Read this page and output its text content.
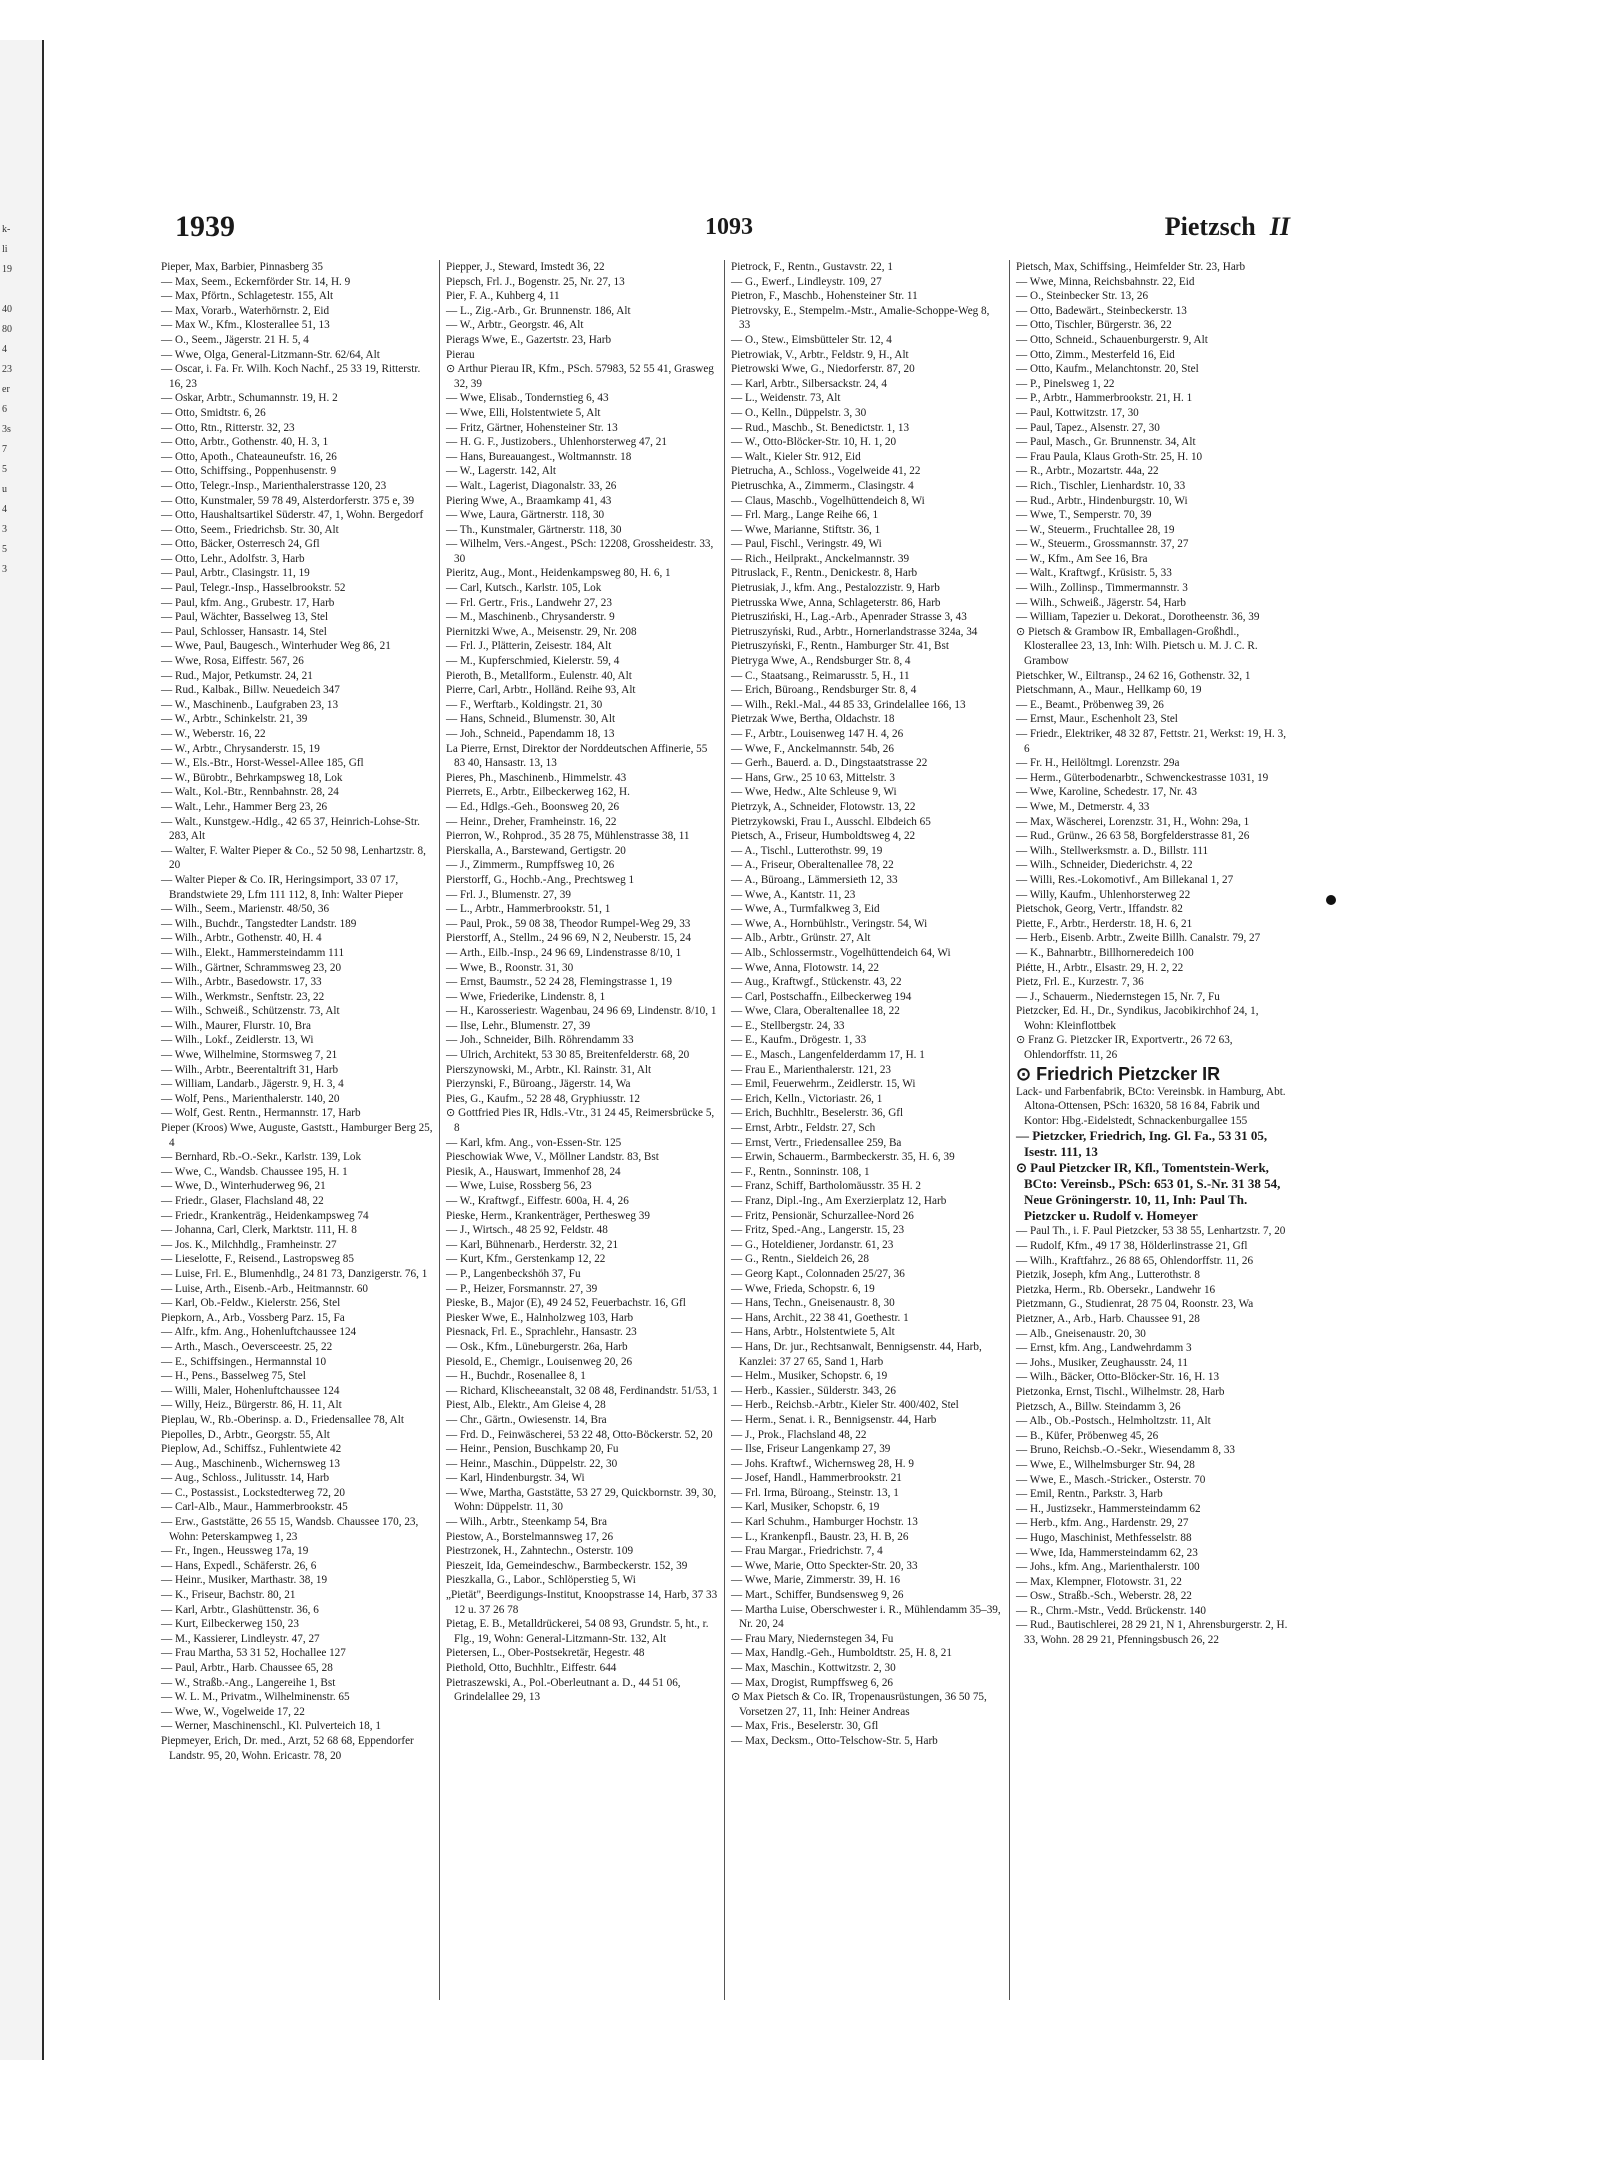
k-
li
19

40
80
4
23
er
6
3s
7
5
u
4
3
5
3
1939	1093	Pietzsch II

Pieper, Max, Barbier, Pinnasberg 35

— Max, Seem., Eckernförder Str. 14, H. 9

— Max, Pförtn., Schlagetestr. 155, Alt

— Max, Vorarb., Waterhörnstr. 2, Eid

— Max W., Kfm., Klosterallee 51, 13

— O., Seem., Jägerstr. 21 H. 5, 4

— Wwe, Olga, General-Litzmann-Str. 62/64, Alt

— Oscar, i. Fa. Fr. Wilh. Koch Nachf., 25 33 19, Ritterstr. 16, 23

— Oskar, Arbtr., Schumannstr. 19, H. 2

— Otto, Smidtstr. 6, 26

— Otto, Rtn., Ritterstr. 32, 23

— Otto, Arbtr., Gothenstr. 40, H. 3, 1

— Otto, Apoth., Chateauneufstr. 16, 26

— Otto, Schiffsing., Poppenhusenstr. 9

— Otto, Telegr.-Insp., Marienthalerstrasse 120, 23

— Otto, Kunstmaler, 59 78 49, Alsterdorferstr. 375 e, 39

— Otto, Haushaltsartikel Süderstr. 47, 1, Wohn. Bergedorf

— Otto, Seem., Friedrichsb. Str. 30, Alt

— Otto, Bäcker, Osterresch 24, Gfl

— Otto, Lehr., Adolfstr. 3, Harb

— Paul, Arbtr., Clasingstr. 11, 19

— Paul, Telegr.-Insp., Hasselbrookstr. 52

— Paul, kfm. Ang., Grubestr. 17, Harb

— Paul, Wächter, Basselweg 13, Stel

— Paul, Schlosser, Hansastr. 14, Stel

— Wwe, Paul, Baugesch., Winterhuder Weg 86, 21

— Wwe, Rosa, Eiffestr. 567, 26

— Rud., Major, Petkumstr. 24, 21

— Rud., Kalbak., Billw. Neuedeich 347

— W., Maschinenb., Laufgraben 23, 13

— W., Arbtr., Schinkelstr. 21, 39

— W., Weberstr. 16, 22

— W., Arbtr., Chrysanderstr. 15, 19

— W., Els.-Btr., Horst-Wessel-Allee 185, Gfl

— W., Bürobtr., Behrkampsweg 18, Lok

— Walt., Kol.-Btr., Rennbahnstr. 28, 24

— Walt., Lehr., Hammer Berg 23, 26

— Walt., Kunstgew.-Hdlg., 42 65 37, Heinrich-Lohse-Str. 283, Alt

— Walter, F. Walter Pieper & Co., 52 50 98, Lenhartzstr. 8, 20

— Walter Pieper & Co. IR, Heringsimport, 33 07 17, Brandstwiete 29, Lfm 111 112, 8, Inh: Walter Pieper

— Wilh., Seem., Marienstr. 48/50, 36

— Wilh., Buchdr., Tangstedter Landstr. 189

— Wilh., Arbtr., Gothenstr. 40, H. 4

— Wilh., Elekt., Hammersteindamm 111

— Wilh., Gärtner, Schrammsweg 23, 20

— Wilh., Arbtr., Basedowstr. 17, 33

— Wilh., Werkmstr., Senftstr. 23, 22

— Wilh., Schweiß., Schützenstr. 73, Alt

— Wilh., Maurer, Flurstr. 10, Bra

— Wilh., Lokf., Zeidlerstr. 13, Wi

— Wwe, Wilhelmine, Stormsweg 7, 21

— Wilh., Arbtr., Beerentaltrift 31, Harb

— William, Landarb., Jägerstr. 9, H. 3, 4

— Wolf, Pens., Marienthalerstr. 140, 20

— Wolf, Gest. Rentn., Hermannstr. 17, Harb

Pieper (Kroos) Wwe, Auguste, Gaststt., Hamburger Berg 25, 4

— Bernhard, Rb.-O.-Sekr., Karlstr. 139, Lok

— Wwe, C., Wandsb. Chaussee 195, H. 1

— Wwe, D., Winterhuderweg 96, 21

— Friedr., Glaser, Flachsland 48, 22

— Friedr., Krankenträg., Heidenkampsweg 74

— Johanna, Carl, Clerk, Marktstr. 111, H. 8

— Jos. K., Milchhdlg., Framheinstr. 27

— Lieselotte, F., Reisend., Lastropsweg 85

— Luise, Frl. E., Blumenhdlg., 24 81 73, Danzigerstr. 76, 1

— Luise, Arth., Eisenb.-Arb., Heitmannstr. 60

— Karl, Ob.-Feldw., Kielerstr. 256, Stel

Piepkorn, A., Arb., Vossberg Parz. 15, Fa

— Alfr., kfm. Ang., Hohenluftchaussee 124

— Arth., Masch., Oeversceestr. 25, 22

— E., Schiffsingen., Hermannstal 10

— H., Pens., Basselweg 75, Stel

— Willi, Maler, Hohenluftchaussee 124

— Willy, Heiz., Bürgerstr. 86, H. 11, Alt

Pieplau, W., Rb.-Oberinsp. a. D., Friedensallee 78, Alt

Piepolles, D., Arbtr., Georgstr. 55, Alt

Pieplow, Ad., Schiffsz., Fuhlentwiete 42

— Aug., Maschinenb., Wichernsweg 13

— Aug., Schloss., Julitusstr. 14, Harb

— C., Postassist., Lockstedterweg 72, 20

— Carl-Alb., Maur., Hammerbrookstr. 45

— Erw., Gaststätte, 26 55 15, Wandsb. Chaussee 170, 23, Wohn: Peterskampweg 1, 23

— Fr., Ingen., Heussweg 17a, 19

— Hans, Expedl., Schäferstr. 26, 6

— Heinr., Musiker, Marthastr. 38, 19

— K., Friseur, Bachstr. 80, 21

— Karl, Arbtr., Glashüttenstr. 36, 6

— Kurt, Eilbeckerweg 150, 23

— M., Kassierer, Lindleystr. 47, 27

— Frau Martha, 53 31 52, Hochallee 127

— Paul, Arbtr., Harb. Chaussee 65, 28

— W., Straßb.-Ang., Langereihe 1, Bst

— W. L. M., Privatm., Wilhelminenstr. 65

— Wwe, W., Vogelweide 17, 22

— Werner, Maschinenschl., Kl. Pulverteich 18, 1

Piepmeyer, Erich, Dr. med., Arzt, 52 68 68, Eppendorfer Landstr. 95, 20, Wohn. Ericastr. 78, 20

Piepper, J., Steward, Imstedt 36, 22

Piepsch, Frl. J., Bogenstr. 25, Nr. 27, 13

Pier, F. A., Kuhberg 4, 11

— L., Zig.-Arb., Gr. Brunnenstr. 186, Alt

— W., Arbtr., Georgstr. 46, Alt

Pierags Wwe, E., Gazertstr. 23, Harb

Pierau

⊙ Arthur Pierau IR, Kfm., PSch. 57983, 52 55 41, Grasweg 32, 39

— Wwe, Elisab., Tondernstieg 6, 43

— Wwe, Elli, Holstentwiete 5, Alt

— Fritz, Gärtner, Hohensteiner Str. 13

— H. G. F., Justizobers., Uhlenhorsterweg 47, 21

— Hans, Bureauangest., Woltmannstr. 18

— W., Lagerstr. 142, Alt

— Walt., Lagerist, Diagonalstr. 33, 26

Piering Wwe, A., Braamkamp 41, 43

— Wwe, Laura, Gärtnerstr. 118, 30

— Th., Kunstmaler, Gärtnerstr. 118, 30

— Wilhelm, Vers.-Angest., PSch: 12208, Grossheidestr. 33, 30

Pieritz, Aug., Mont., Heidenkampsweg 80, H. 6, 1

— Carl, Kutsch., Karlstr. 105, Lok

— Frl. Gertr., Fris., Landwehr 27, 23

— M., Maschinenb., Chrysanderstr. 9

Piernitzki Wwe, A., Meisenstr. 29, Nr. 208

— Frl. J., Plätterin, Zeisestr. 184, Alt

— M., Kupferschmied, Kielerstr. 59, 4

Pieroth, B., Metallform., Eulenstr. 40, Alt

Pierre, Carl, Arbtr., Holländ. Reihe 93, Alt

— F., Werftarb., Koldingstr. 21, 30

— Hans, Schneid., Blumenstr. 30, Alt

— Joh., Schneid., Papendamm 18, 13

La Pierre, Ernst, Direktor der Norddeutschen Affinerie, 55 83 40, Hansastr. 13, 13

Pieres, Ph., Maschinenb., Himmelstr. 43

Pierrets, E., Arbtr., Eilbeckerweg 162, H.

— Ed., Hdlgs.-Geh., Boonsweg 20, 26

— Heinr., Dreher, Framheinstr. 16, 22

Pierron, W., Rohprod., 35 28 75, Mühlenstrasse 38, 11

Pierskalla, A., Barstewand, Gertigstr. 20

— J., Zimmerm., Rumpffsweg 10, 26

Pierstorff, G., Hochb.-Ang., Prechtsweg 1

— Frl. J., Blumenstr. 27, 39

— L., Arbtr., Hammerbrookstr. 51, 1

— Paul, Prok., 59 08 38, Theodor Rumpel-Weg 29, 33

Pierstorff, A., Stellm., 24 96 69, N 2, Neuberstr. 15, 24

— Arth., Eilb.-Insp., 24 96 69, Lindenstrasse 8/10, 1

— Wwe, B., Roonstr. 31, 30

— Ernst, Baumstr., 52 24 28, Flemingstrasse 1, 19

— Wwe, Friederike, Lindenstr. 8, 1

— H., Karosseriestr. Wagenbau, 24 96 69, Lindenstr. 8/10, 1

— Ilse, Lehr., Blumenstr. 27, 39

— Joh., Schneider, Bilh. Röhrendamm 33

— Ulrich, Architekt, 53 30 85, Breitenfelderstr. 68, 20

Pierszynowski, M., Arbtr., Kl. Rainstr. 31, Alt

Pierzynski, F., Büroang., Jägerstr. 14, Wa

Pies, G., Kaufm., 52 28 48, Gryphiusstr. 12

⊙ Gottfried Pies IR, Hdls.-Vtr., 31 24 45, Reimersbrücke 5, 8

— Karl, kfm. Ang., von-Essen-Str. 125

Pieschowiak Wwe, V., Möllner Landstr. 83, Bst

Piesik, A., Hauswart, Immenhof 28, 24

— Wwe, Luise, Rossberg 56, 23

— W., Kraftwgf., Eiffestr. 600a, H. 4, 26

Pieske, Herm., Krankenträger, Perthesweg 39

— J., Wirtsch., 48 25 92, Feldstr. 48

— Karl, Bühnenarb., Herderstr. 32, 21

— Kurt, Kfm., Gerstenkamp 12, 22

— P., Langenbeckshöh 37, Fu

— P., Heizer, Forsmannstr. 27, 39

Pieske, B., Major (E), 49 24 52, Feuerbachstr. 16, Gfl

Piesker Wwe, E., Halnholzweg 103, Harb

Piesnack, Frl. E., Sprachlehr., Hansastr. 23

— Osk., Kfm., Lüneburgerstr. 26a, Harb

Piesold, E., Chemigr., Louisenweg 20, 26

— H., Buchdr., Rosenallee 8, 1

— Richard, Klischeeanstalt, 32 08 48, Ferdinandstr. 51/53, 1

Piest, Alb., Elektr., Am Gleise 4, 28

— Chr., Gärtn., Owiesenstr. 14, Bra

— Frd. D., Feinwäscherei, 53 22 48, Otto-Böckerstr. 52, 20

— Heinr., Pension, Buschkamp 20, Fu

— Heinr., Maschin., Düppelstr. 22, 30

— Karl, Hindenburgstr. 34, Wi

— Wwe, Martha, Gaststätte, 53 27 29, Quickbornstr. 39, 30, Wohn: Düppelstr. 11, 30

— Wilh., Arbtr., Steenkamp 54, Bra

Piestow, A., Borstelmannsweg 17, 26

Piestrzonek, H., Zahntechn., Osterstr. 109

Pieszeit, Ida, Gemeindeschw., Barmbeckerstr. 152, 39

Pieszkalla, G., Labor., Schlöperstieg 5, Wi

„Pietät", Beerdigungs-Institut, Knoopstrasse 14, Harb, 37 33 12 u. 37 26 78

Pietag, E. B., Metalldrückerei, 54 08 93, Grundstr. 5, ht., r. Flg., 19, Wohn: General-Litzmann-Str. 132, Alt

Pietersen, L., Ober-Postsekretär, Hegestr. 48

Piethold, Otto, Buchhltr., Eiffestr. 644

Pietraszewski, A., Pol.-Oberleutnant a. D., 44 51 06, Grindelallee 29, 13

Pietrock, F., Rentn., Gustavstr. 22, 1

— G., Ewerf., Lindleystr. 109, 27

Pietron, F., Maschb., Hohensteiner Str. 11

Pietrovsky, E., Stempelm.-Mstr., Amalie-Schoppe-Weg 8, 33

— O., Stew., Eimsbütteler Str. 12, 4

Pietrowiak, V., Arbtr., Feldstr. 9, H., Alt

Pietrowski Wwe, G., Niedorferstr. 87, 20

— Karl, Arbtr., Silbersackstr. 24, 4

— L., Weidenstr. 73, Alt

— O., Kelln., Düppelstr. 3, 30

— Rud., Maschb., St. Benedictstr. 1, 13

— W., Otto-Blöcker-Str. 10, H. 1, 20

— Walt., Kieler Str. 912, Eid

Pietrucha, A., Schloss., Vogelweide 41, 22

Pietruschka, A., Zimmerm., Clasingstr. 4

— Claus, Maschb., Vogelhüttendeich 8, Wi

— Frl. Marg., Lange Reihe 66, 1

— Wwe, Marianne, Stiftstr. 36, 1

— Paul, Fischl., Veringstr. 49, Wi

— Rich., Heilprakt., Anckelmannstr. 39

Pitruslack, F., Rentn., Denickestr. 8, Harb

Pietrusiak, J., kfm. Ang., Pestalozzistr. 9, Harb

Pietrusska Wwe, Anna, Schlageterstr. 86, Harb

Pietrusziński, H., Lag.-Arb., Apenrader Strasse 3, 43

Pietruszyński, Rud., Arbtr., Hornerlandstrasse 324a, 34

Pietruszyński, F., Rentn., Hamburger Str. 41, Bst

Pietryga Wwe, A., Rendsburger Str. 8, 4

— C., Staatsang., Reimarusstr. 5, H., 11

— Erich, Büroang., Rendsburger Str. 8, 4

— Wilh., Rekl.-Mal., 44 85 33, Grindelallee 166, 13

Pietrzak Wwe, Bertha, Oldachstr. 18

— F., Arbtr., Louisenweg 147 H. 4, 26

— Wwe, F., Anckelmannstr. 54b, 26

— Gerh., Bauerd. a. D., Dingstaatstrasse 22

— Hans, Grw., 25 10 63, Mittelstr. 3

— Wwe, Hedw., Alte Schleuse 9, Wi

Pietrzyk, A., Schneider, Flotowstr. 13, 22

Pietrzykowski, Frau I., Ausschl. Elbdeich 65

Pietsch, A., Friseur, Humboldtsweg 4, 22

— A., Tischl., Lutterothstr. 99, 19

— A., Friseur, Oberaltenallee 78, 22

— A., Büroang., Lämmersieth 12, 33

— Wwe, A., Kantstr. 11, 23

— Wwe, A., Turmfalkweg 3, Eid

— Wwe, A., Hornbühlstr., Veringstr. 54, Wi

— Alb., Arbtr., Grünstr. 27, Alt

— Alb., Schlossermstr., Vogelhüttendeich 64, Wi

— Wwe, Anna, Flotowstr. 14, 22

— Aug., Kraftwgf., Stückenstr. 43, 22

— Carl, Postschaffn., Eilbeckerweg 194

— Wwe, Clara, Oberaltenallee 18, 22

— E., Stellbergstr. 24, 33

— E., Kaufm., Drögestr. 1, 33

— E., Masch., Langenfelderdamm 17, H. 1

— Frau E., Marienthalerstr. 121, 23

— Emil, Feuerwehrm., Zeidlerstr. 15, Wi

— Erich, Kelln., Victoriastr. 26, 1

— Erich, Buchhltr., Beselerstr. 36, Gfl

— Ernst, Arbtr., Feldstr. 27, Sch

— Ernst, Vertr., Friedensallee 259, Ba

— Erwin, Schauerm., Barmbeckerstr. 35, H. 6, 39

— F., Rentn., Sonninstr. 108, 1

— Franz, Schiff, Bartholomäusstr. 35 H. 2

— Franz, Dipl.-Ing., Am Exerzierplatz 12, Harb

— Fritz, Pensionär, Schurzallee-Nord 26

— Fritz, Sped.-Ang., Langerstr. 15, 23

— G., Hoteldiener, Jordanstr. 61, 23

— G., Rentn., Sieldeich 26, 28

— Georg Kapt., Colonnaden 25/27, 36

— Wwe, Frieda, Schopstr. 6, 19

— Hans, Techn., Gneisenaustr. 8, 30

— Hans, Archit., 22 38 41, Goethestr. 1

— Hans, Arbtr., Holstentwiete 5, Alt

— Hans, Dr. jur., Rechtsanwalt, Bennigsenstr. 44, Harb, Kanzlei: 37 27 65, Sand 1, Harb

— Helm., Musiker, Schopstr. 6, 19

— Herb., Kassier., Sülderstr. 343, 26

— Herb., Reichsb.-Arbtr., Kieler Str. 400/402, Stel

— Herm., Senat. i. R., Bennigsenstr. 44, Harb

— J., Prok., Flachsland 48, 22

— Ilse, Friseur Langenkamp 27, 39

— Johs. Kraftwf., Wichernsweg 28, H. 9

— Josef, Handl., Hammerbrookstr. 21

— Frl. Irma, Büroang., Steinstr. 13, 1

— Karl, Musiker, Schopstr. 6, 19

— Karl Schuhm., Hamburger Hochstr. 13

— L., Krankenpfl., Baustr. 23, H. B, 26

— Frau Margar., Friedrichstr. 7, 4

— Wwe, Marie, Otto Speckter-Str. 20, 33

— Wwe, Marie, Zimmerstr. 39, H. 16

— Mart., Schiffer, Bundsensweg 9, 26

— Martha Luise, Oberschwester i. R., Mühlendamm 35–39, Nr. 20, 24

— Frau Mary, Niedernstegen 34, Fu

— Max, Handlg.-Geh., Humboldtstr. 25, H. 8, 21

— Max, Maschin., Kottwitzstr. 2, 30

— Max, Drogist, Rumpffsweg 6, 26

⊙ Max Pietsch & Co. IR, Tropenausrüstungen, 36 50 75, Vorsetzen 27, 11, Inh: Heiner Andreas

— Max, Fris., Beselerstr. 30, Gfl

— Max, Decksm., Otto-Telschow-Str. 5, Harb

Pietsch, Max, Schiffsing., Heimfelder Str. 23, Harb

— Wwe, Minna, Reichsbahnstr. 22, Eid

— O., Steinbecker Str. 13, 26

— Otto, Badewärt., Steinbeckerstr. 13

— Otto, Tischler, Bürgerstr. 36, 22

— Otto, Schneid., Schauenburgerstr. 9, Alt

— Otto, Zimm., Mesterfeld 16, Eid

— Otto, Kaufm., Melanchtonstr. 20, Stel

— P., Pinelsweg 1, 22

— P., Arbtr., Hammerbrookstr. 21, H. 1

— Paul, Kottwitzstr. 17, 30

— Paul, Tapez., Alsenstr. 27, 30

— Paul, Masch., Gr. Brunnenstr. 34, Alt

— Frau Paula, Klaus Groth-Str. 25, H. 10

— R., Arbtr., Mozartstr. 44a, 22

— Rich., Tischler, Lienhardstr. 10, 33

— Rud., Arbtr., Hindenburgstr. 10, Wi

— Wwe, T., Semperstr. 70, 39

— W., Steuerm., Fruchtallee 28, 19

— W., Steuerm., Grossmannstr. 37, 27

— W., Kfm., Am See 16, Bra

— Walt., Kraftwgf., Krüsistr. 5, 33

— Wilh., Zollinsp., Timmermannstr. 3

— Wilh., Schweiß., Jägerstr. 54, Harb

— William, Tapezier u. Dekorat., Dorotheenstr. 36, 39

⊙ Pietsch & Grambow IR, Emballagen-Großhdl., Klosterallee 23, 13, Inh: Wilh. Pietsch u. M. J. C. R. Grambow

Pietschker, W., Eiltransp., 24 62 16, Gothenstr. 32, 1

Pietschmann, A., Maur., Hellkamp 60, 19

— E., Beamt., Pröbenweg 39, 26

— Ernst, Maur., Eschenholt 23, Stel

— Friedr., Elektriker, 48 32 87, Fettstr. 21, Werkst: 19, H. 3, 6

— Fr. H., Heilöltmgl. Lorenzstr. 29a

— Herm., Güterbodenarbtr., Schwenckestrasse 1031, 19

— Wwe, Karoline, Schedestr. 17, Nr. 43

— Wwe, M., Detmerstr. 4, 33

— Max, Wäscherei, Lorenzstr. 31, H., Wohn: 29a, 1

— Rud., Grünw., 26 63 58, Borgfelderstrasse 81, 26

— Wilh., Stellwerksmstr. a. D., Billstr. 111

— Wilh., Schneider, Diederichstr. 4, 22

— Willi, Res.-Lokomotivf., Am Billekanal 1, 27

— Willy, Kaufm., Uhlenhorsterweg 22

Pietschok, Georg, Vertr., Iffandstr. 82

Piette, F., Arbtr., Herderstr. 18, H. 6, 21

— Herb., Eisenb. Arbtr., Zweite Billh. Canalstr. 79, 27

— K., Bahnarbtr., Billhorneredeich 100

Piétte, H., Arbtr., Elsastr. 29, H. 2, 22

Pietz, Frl. E., Kurzestr. 7, 36

— J., Schauerm., Niedernstegen 15, Nr. 7, Fu

Pietzcker, Ed. H., Dr., Syndikus, Jacobikirchhof 24, 1, Wohn: Kleinflottbek

⊙ Franz G. Pietzcker IR, Exportvertr., 26 72 63, Ohlendorffstr. 11, 26

⊙ Friedrich Pietzcker IR

Lack- und Farbenfabrik, BCto: Vereinsbk. in Hamburg, Abt. Altona-Ottensen, PSch: 16320, 58 16 84, Fabrik und Kontor: Hbg.-Eidelstedt, Schnackenburgallee 155

— Pietzcker, Friedrich, Ing. Gl. Fa., 53 31 05, Isestr. 111, 13

⊙ Paul Pietzcker IR, Kfl., Tomentstein-Werk, BCto: Vereinsb., PSch: 653 01, S.-Nr. 31 38 54, Neue Gröningerstr. 10, 11, Inh: Paul Th. Pietzcker u. Rudolf v. Homeyer

— Paul Th., i. F. Paul Pietzcker, 53 38 55, Lenhartzstr. 7, 20

— Rudolf, Kfm., 49 17 38, Hölderlinstrasse 21, Gfl

— Wilh., Kraftfahrz., 26 88 65, Ohlendorffstr. 11, 26

Pietzik, Joseph, kfm Ang., Lutterothstr. 8

Pietzka, Herm., Rb. Obersekr., Landwehr 16

Pietzmann, G., Studienrat, 28 75 04, Roonstr. 23, Wa

Pietzner, A., Arb., Harb. Chaussee 91, 28

— Alb., Gneisenaustr. 20, 30

— Ernst, kfm. Ang., Landwehrdamm 3

— Johs., Musiker, Zeughausstr. 24, 11

— Wilh., Bäcker, Otto-Blöcker-Str. 16, H. 13

Pietzonka, Ernst, Tischl., Wilhelmstr. 28, Harb

Pietzsch, A., Billw. Steindamm 3, 26

— Alb., Ob.-Postsch., Helmholtzstr. 11, Alt

— B., Küfer, Pröbenweg 45, 26

— Bruno, Reichsb.-O.-Sekr., Wiesendamm 8, 33

— Wwe, E., Wilhelmsburger Str. 94, 28

— Wwe, E., Masch.-Stricker., Osterstr. 70

— Emil, Rentn., Parkstr. 3, Harb

— H., Justizsekr., Hammersteindamm 62

— Herb., kfm. Ang., Hardenstr. 29, 27

— Hugo, Maschinist, Methfesselstr. 88

— Wwe, Ida, Hammersteindamm 62, 23

— Johs., kfm. Ang., Marienthalerstr. 100

— Max, Klempner, Flotowstr. 31, 22

— Osw., Straßb.-Sch., Weberstr. 28, 22

— R., Chrm.-Mstr., Vedd. Brückenstr. 140

— Rud., Bautischlerei, 28 29 21, N 1, Ahrensburgerstr. 2, H. 33, Wohn. 28 29 21, Pfenningsbusch 26, 22
